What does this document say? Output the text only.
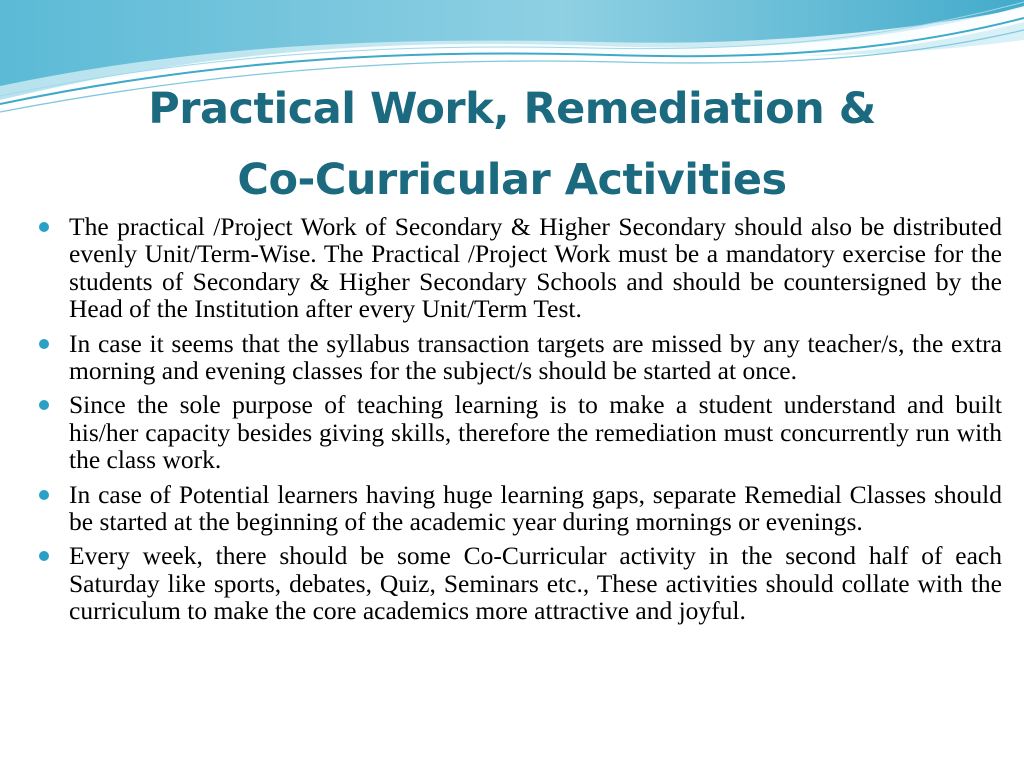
Practical Work, Remediation &
Co-Curricular Activities
The practical /Project Work of Secondary & Higher Secondary should also be distributed evenly Unit/Term-Wise. The Practical /Project Work must be a mandatory exercise for the students of Secondary & Higher Secondary Schools and should be countersigned by the Head of the Institution after every Unit/Term Test.
In case it seems that the syllabus transaction targets are missed by any teacher/s, the extra morning and evening classes for the subject/s should be started at once.
Since the sole purpose of teaching learning is to make a student understand and built his/her capacity besides giving skills, therefore the remediation must concurrently run with the class work.
In case of Potential learners having huge learning gaps, separate Remedial Classes should be started at the beginning of the academic year during mornings or evenings.
Every week, there should be some Co-Curricular activity in the second half of each Saturday like sports, debates, Quiz, Seminars etc., These activities should collate with the curriculum to make the core academics more attractive and joyful.
